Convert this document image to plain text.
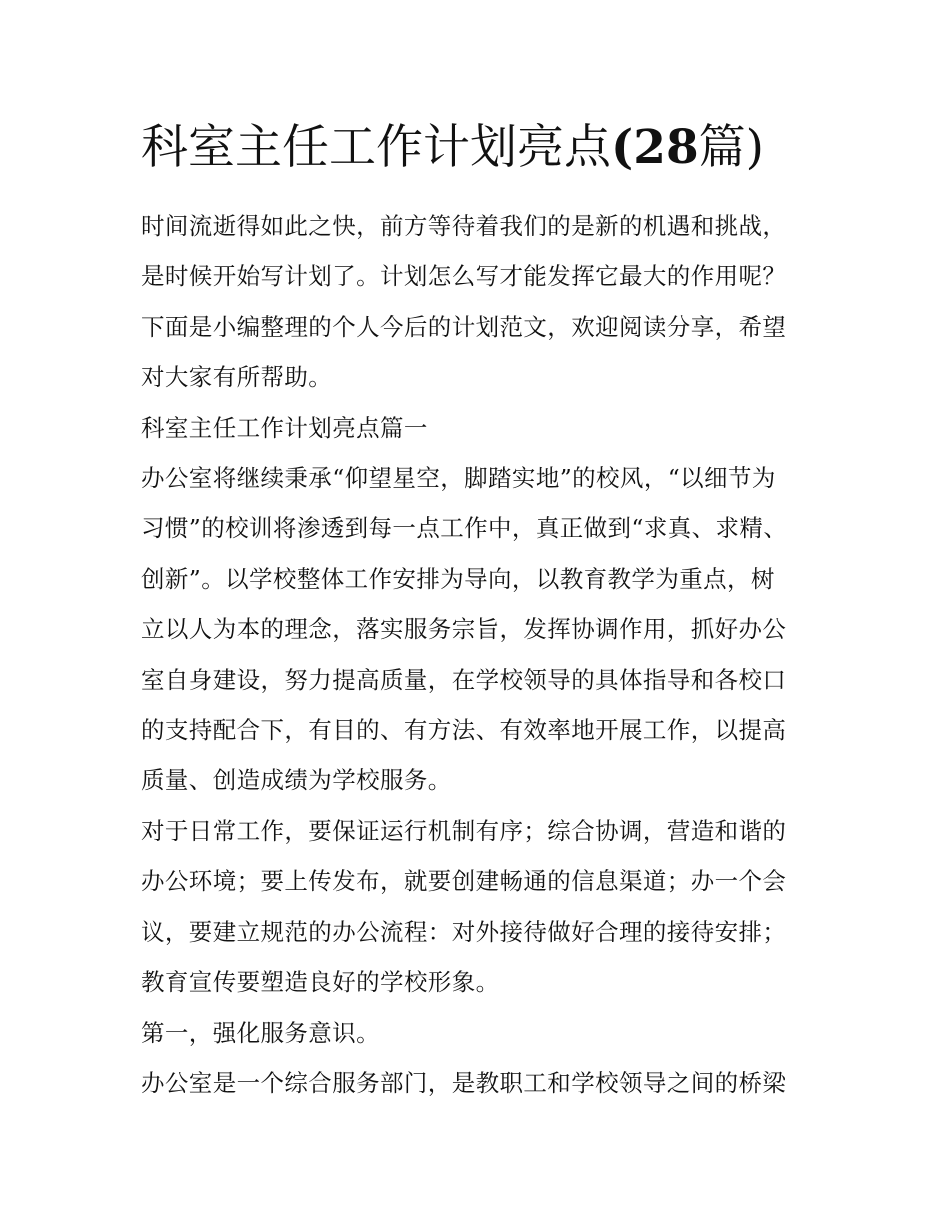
科室主任工作计划亮点(28篇)
时间流逝得如此之快，前方等待着我们的是新的机遇和挑战，
是时候开始写计划了。计划怎么写才能发挥它最大的作用呢？
下面是小编整理的个人今后的计划范文，欢迎阅读分享，希望
对大家有所帮助。
科室主任工作计划亮点篇一
办公室将继续秉承“仰望星空，脚踏实地”的校风，“以细节为
习惯”的校训将渗透到每一点工作中，真正做到“求真、求精、
创新”。以学校整体工作安排为导向，以教育教学为重点，树
立以人为本的理念，落实服务宗旨，发挥协调作用，抓好办公
室自身建设，努力提高质量，在学校领导的具体指导和各校口
的支持配合下，有目的、有方法、有效率地开展工作，以提高
质量、创造成绩为学校服务。
对于日常工作，要保证运行机制有序；综合协调，营造和谐的
办公环境；要上传发布，就要创建畅通的信息渠道；办一个会
议，要建立规范的办公流程：对外接待做好合理的接待安排；
教育宣传要塑造良好的学校形象。
第一，强化服务意识。
办公室是一个综合服务部门，是教职工和学校领导之间的桥梁
